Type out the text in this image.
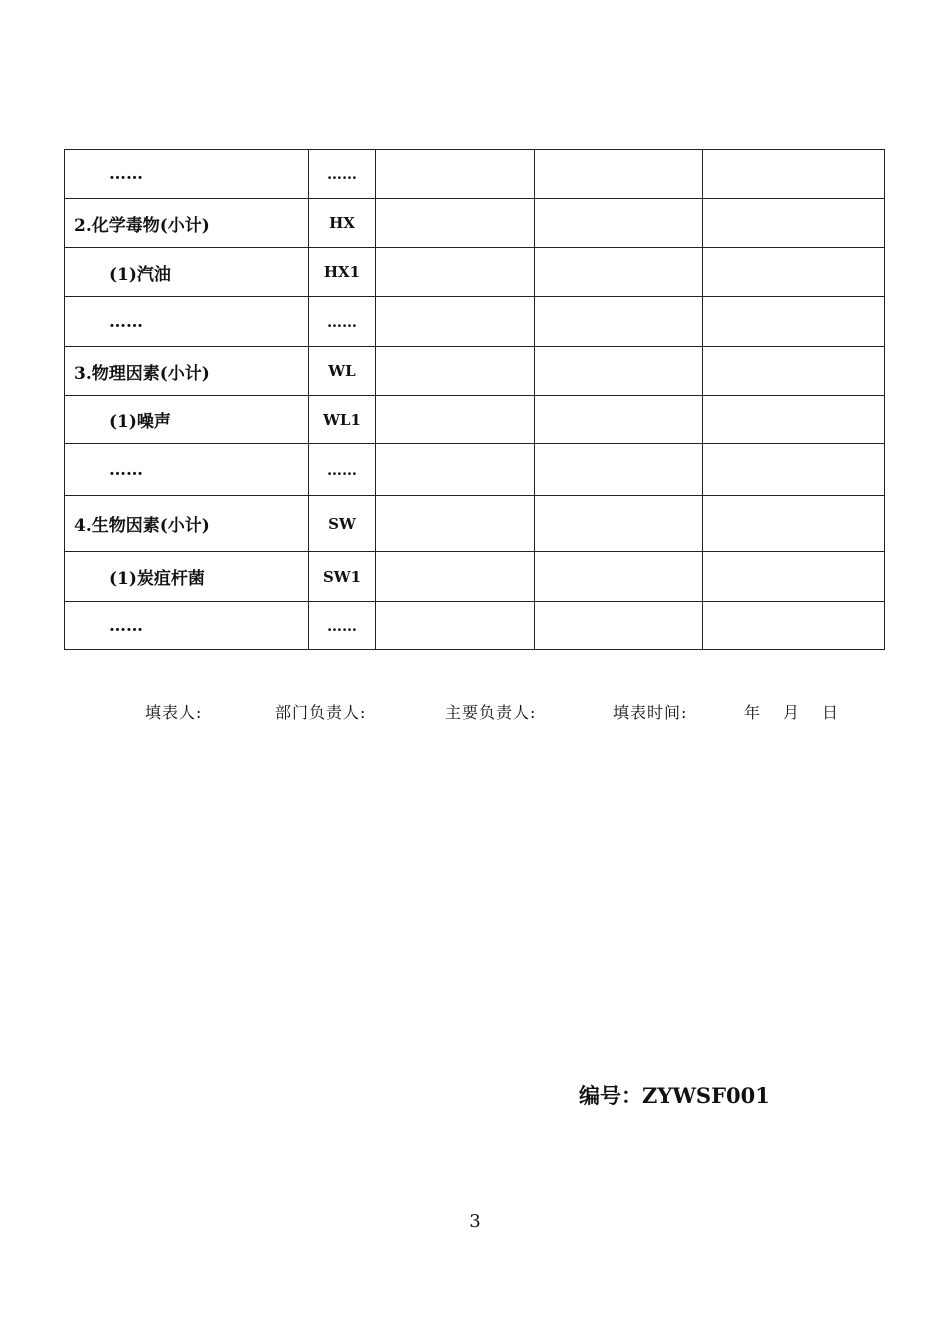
……	……			
2.化学毒物(小计)	HX			
(1)汽油	HX1			
……	……			
3.物理因素(小计)	WL			
(1)噪声	WL1			
……	……			
4.生物因素(小计)	SW			
(1)炭疽杆菌	SW1			
……	……			
填表人:	部门负责人:	主要负责人:	填表时间:	年 月 日
编号：ZYWSF001
3
